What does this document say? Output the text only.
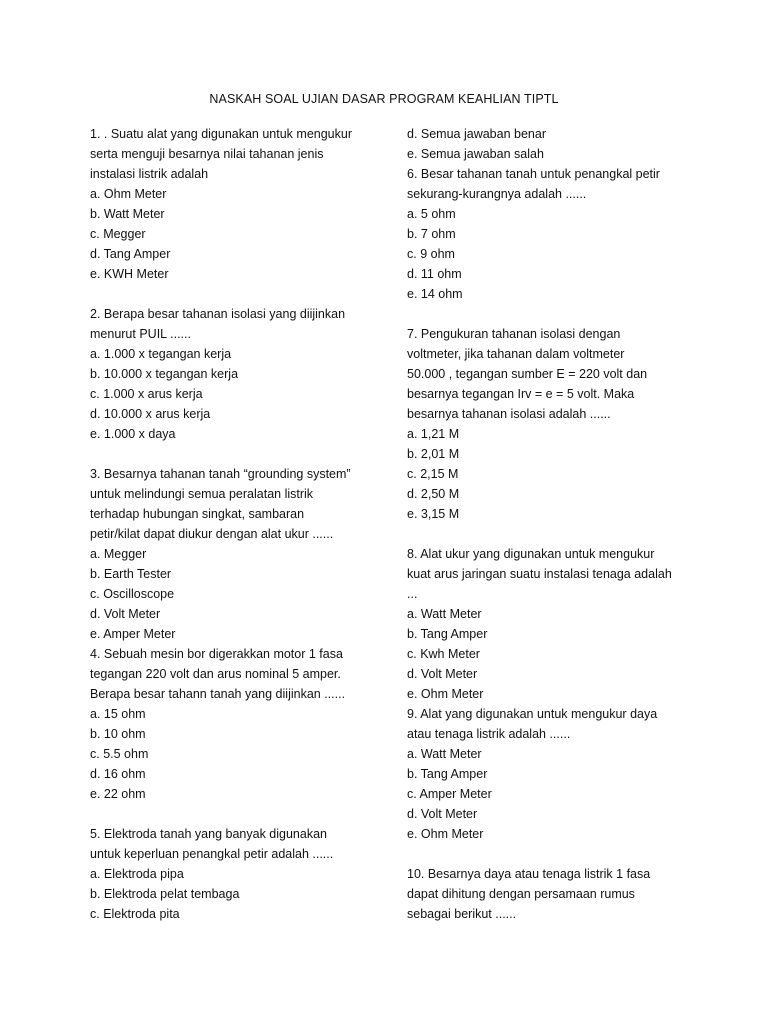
NASKAH SOAL UJIAN DASAR PROGRAM KEAHLIAN TIPTL
1. . Suatu alat yang digunakan untuk mengukur
serta menguji besarnya nilai tahanan jenis
instalasi listrik adalah
a. Ohm Meter
b. Watt Meter
c. Megger
d. Tang Amper
e. KWH Meter
2. Berapa besar tahanan isolasi yang diijinkan
menurut PUIL ......
a. 1.000 x tegangan kerja
b. 10.000 x tegangan kerja
c. 1.000 x arus kerja
d. 10.000 x arus kerja
e. 1.000 x daya
3. Besarnya tahanan tanah “grounding system”
untuk melindungi semua peralatan listrik
terhadap hubungan singkat, sambaran
petir/kilat dapat diukur dengan alat ukur ......
a. Megger
b. Earth Tester
c. Oscilloscope
d. Volt Meter
e. Amper Meter
4. Sebuah mesin bor digerakkan motor 1 fasa
tegangan 220 volt dan arus nominal 5 amper.
Berapa besar tahann tanah yang diijinkan ......
a. 15 ohm
b. 10 ohm
c. 5.5 ohm
d. 16 ohm
e. 22 ohm
5. Elektroda tanah yang banyak digunakan
untuk keperluan penangkal petir adalah ......
a. Elektroda pipa
b. Elektroda pelat tembaga
c. Elektroda pita
d. Semua jawaban benar
e. Semua jawaban salah
6. Besar tahanan tanah untuk penangkal petir
sekurang-kurangnya adalah ......
a. 5 ohm
b. 7 ohm
c. 9 ohm
d. 11 ohm
e. 14 ohm
7. Pengukuran tahanan isolasi dengan
voltmeter, jika tahanan dalam voltmeter
50.000 , tegangan sumber E = 220 volt dan
besarnya tegangan Irv = e = 5 volt. Maka
besarnya tahanan isolasi adalah ......
a. 1,21 M
b. 2,01 M
c. 2,15 M
d. 2,50 M
e. 3,15 M
8. Alat ukur yang digunakan untuk mengukur
kuat arus jaringan suatu instalasi tenaga adalah
...
a. Watt Meter
b. Tang Amper
c. Kwh Meter
d. Volt Meter
e. Ohm Meter
9. Alat yang digunakan untuk mengukur daya
atau tenaga listrik adalah ......
a. Watt Meter
b. Tang Amper
c. Amper Meter
d. Volt Meter
e. Ohm Meter
10. Besarnya daya atau tenaga listrik 1 fasa
dapat dihitung dengan persamaan rumus
sebagai berikut ......
